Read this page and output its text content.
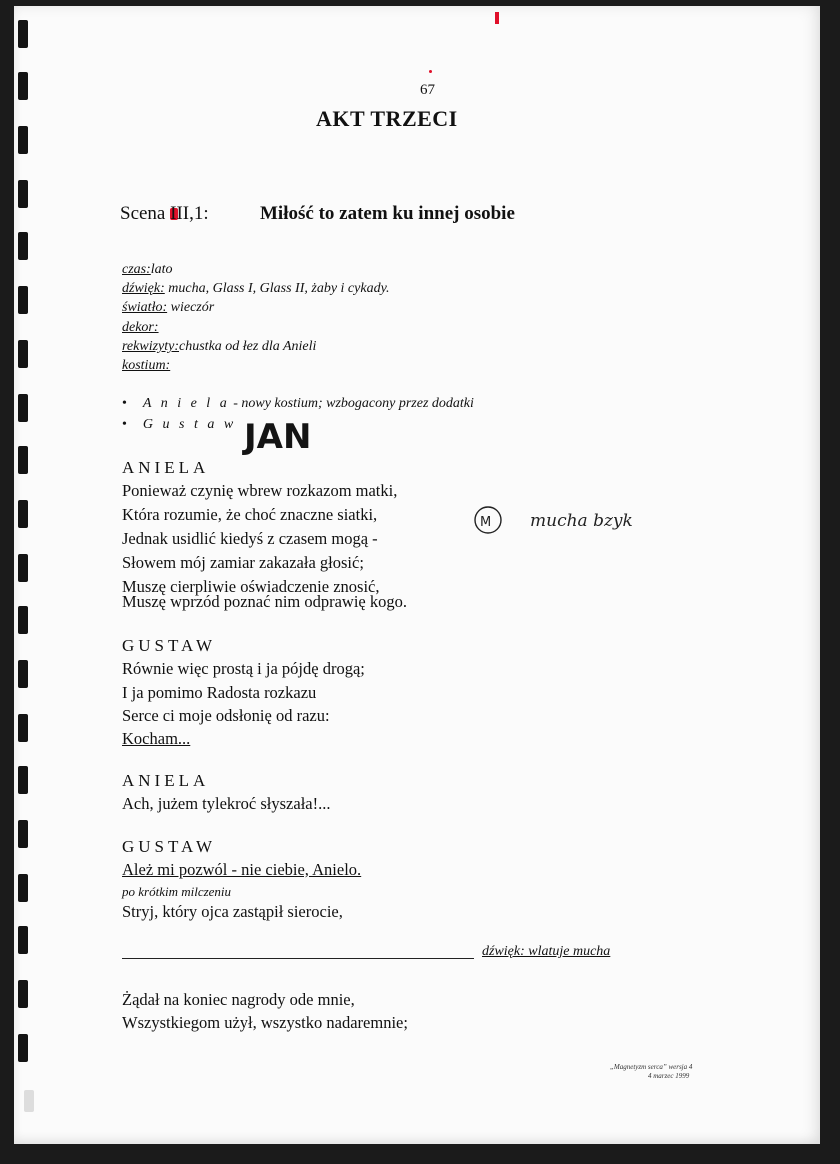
67
AKT TRZECI
Scena III,1:	Miłość to zatem ku innej osobie
czas:lato
dźwięk: mucha, Glass I, Glass II, żaby i cykady.
światło: wieczór
dekor:
rekwizyty:chustka od łez dla Anieli
kostium:
• A n i e l a - nowy kostium; wzbogacony przez dodatki
• G u s t a w JAN
ANIELA
Ponieważ czynię wbrew rozkazom matki,
Która rozumie, że choć znaczne siatki,
Jednak usidlić kiedyś z czasem mogą -
Słowem mój zamiar zakazała głosić;
Muszę cierpliwie oświadczenie znosić,
Muszę wprzód poznać nim odprawię kogo.
M mucha bzyk
GUSTAW
Równie więc prostą i ja pójdę drogą;
I ja pomimo Radosta rozkazu
Serce ci moje odsłonię od razu:
Kocham...
ANIELA
Ach, jużem tylekroć słyszała!...
GUSTAW
Ależ mi pozwól - nie ciebie, Anielo.
po krótkim milczeniu
Stryj, który ojca zastąpił sierocie,
dźwięk: wlatuje mucha
Żądał na koniec nagrody ode mnie,
Wszystkiegom użył, wszystko nadaremnie;
„Magnetyzm serca” wersja 4
4 marzec 1999
